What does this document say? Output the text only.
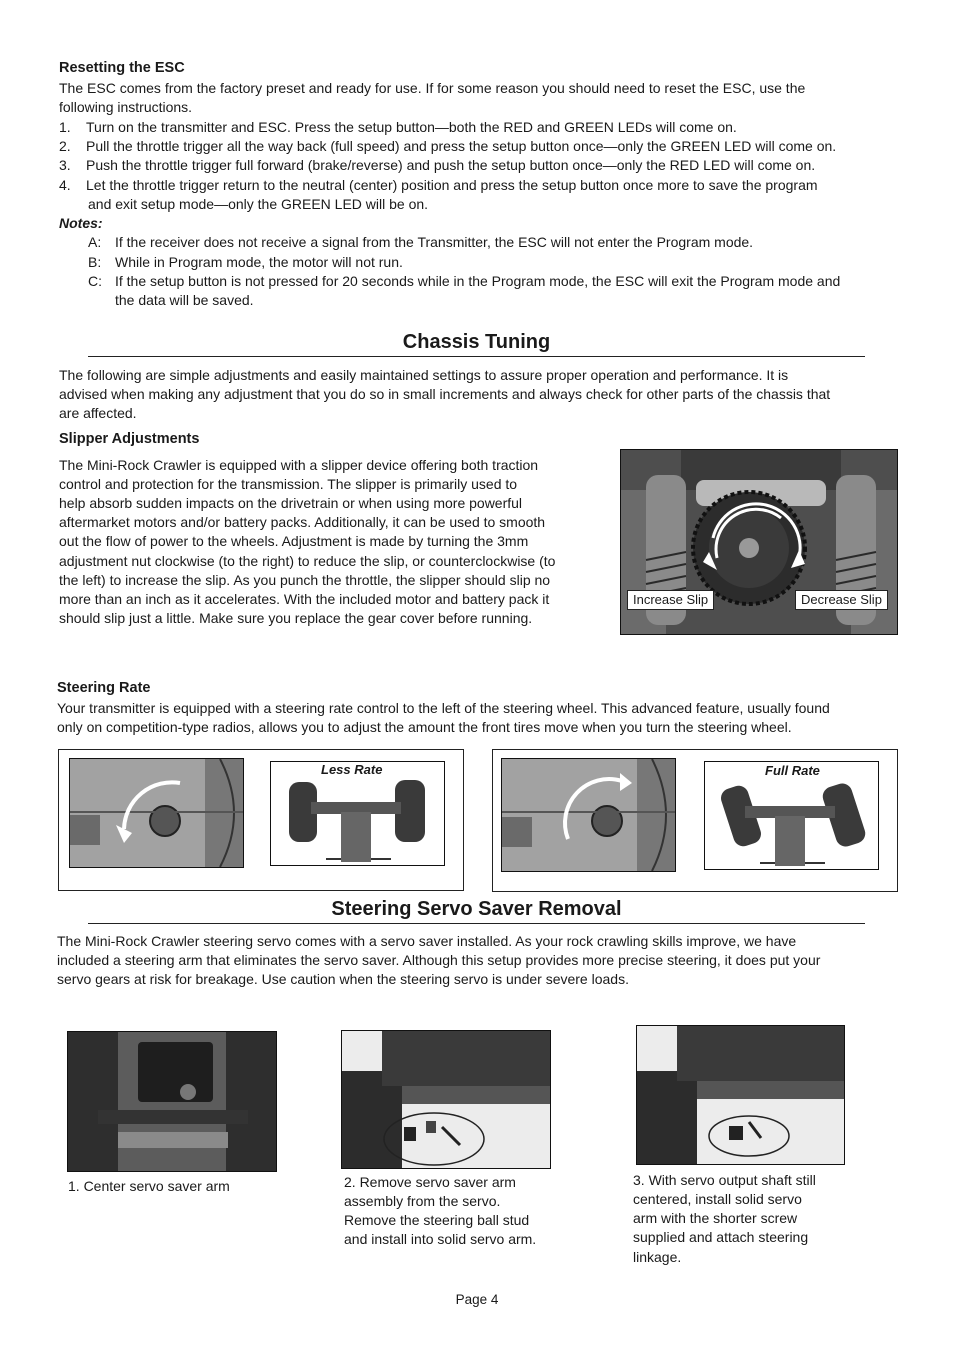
Resetting the ESC
The ESC comes from the factory preset and ready for use. If for some reason you should need to reset the ESC, use the
following instructions.
1. Turn on the transmitter and ESC. Press the setup button—both the RED and GREEN LEDs will come on.
2. Pull the throttle trigger all the way back (full speed) and press the setup button once—only the GREEN LED will come on.
3. Push the throttle trigger full forward (brake/reverse) and push the setup button once—only the RED LED will come on.
4. Let the throttle trigger return to the neutral (center) position and press the setup button once more to save the program
and exit setup mode—only the GREEN LED will be on.
Notes:
A: If the receiver does not receive a signal from the Transmitter, the ESC will not enter the Program mode.
B: While in Program mode, the motor will not run.
C: If the setup button is not pressed for 20 seconds while in the Program mode, the ESC will exit the Program mode and
the data will be saved.
Chassis Tuning
The following are simple adjustments and easily maintained settings to assure proper operation and performance. It is
advised when making any adjustment that you do so in small increments and always check for other parts of the chassis that
are affected.
Slipper Adjustments
The Mini-Rock Crawler is equipped with a slipper device offering both traction
control and protection for the transmission. The slipper is primarily used to
help absorb sudden impacts on the drivetrain or when using more powerful
aftermarket motors and/or battery packs. Additionally, it can be used to smooth
out the flow of power to the wheels. Adjustment is made by turning the 3mm
adjustment nut clockwise (to the right) to reduce the slip, or counterclockwise (to
the left) to increase the slip. As you punch the throttle, the slipper should slip no
more than an inch as it accelerates. With the included motor and battery pack it
should slip just a little. Make sure you replace the gear cover before running.
Increase Slip	Decrease Slip
Steering Rate
Your transmitter is equipped with a steering rate control to the left of the steering wheel. This advanced feature, usually found
only on competition-type radios, allows you to adjust the amount the front tires move when you turn the steering wheel.
Less Rate	Full Rate
Steering Servo Saver Removal
The Mini-Rock Crawler steering servo comes with a servo saver installed. As your rock crawling skills improve, we have
included a steering arm that eliminates the servo saver. Although this setup provides more precise steering, it does put your
servo gears at risk for breakage. Use caution when the steering servo is under severe loads.
1. Center servo saver arm	2. Remove servo saver arm
assembly from the servo.
Remove the steering ball stud
and install into solid servo arm.
3. With servo output shaft still
centered, install solid servo
arm with the shorter screw
supplied and attach steering
linkage.
Page 4
